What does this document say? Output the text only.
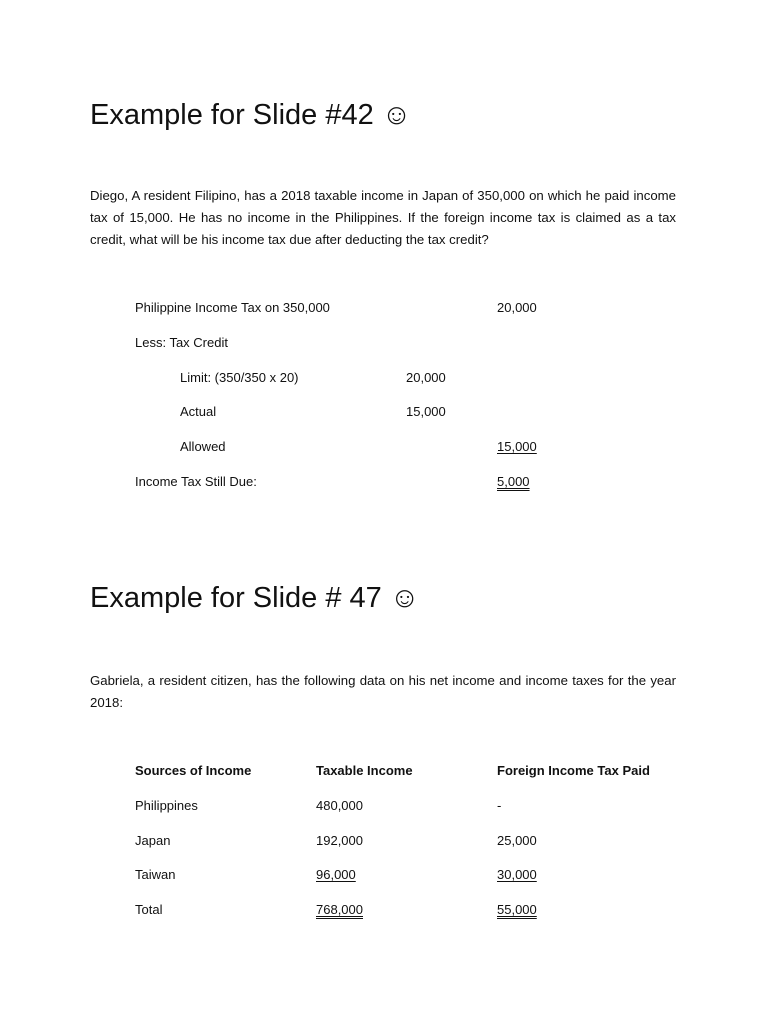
Example for Slide #42 ☺

Diego, A resident Filipino, has a 2018 taxable income in Japan of 350,000 on which he paid income tax of 15,000. He has no income in the Philippines. If the foreign income tax is claimed as a tax credit, what will be his income tax due after deducting the tax credit?

Philippine Income Tax on 350,000	20,000
Less: Tax Credit
Limit: (350/350 x 20)	20,000
Actual	15,000
Allowed	15,000
Income Tax Still Due:	5,000
Example for Slide # 47 ☺

Gabriela, a resident citizen, has the following data on his net income and income taxes for the year 2018:

Sources of Income	Taxable Income	Foreign Income Tax Paid
Philippines	480,000	-
Japan	192,000	25,000
Taiwan	96,000	30,000
Total	768,000	55,000
